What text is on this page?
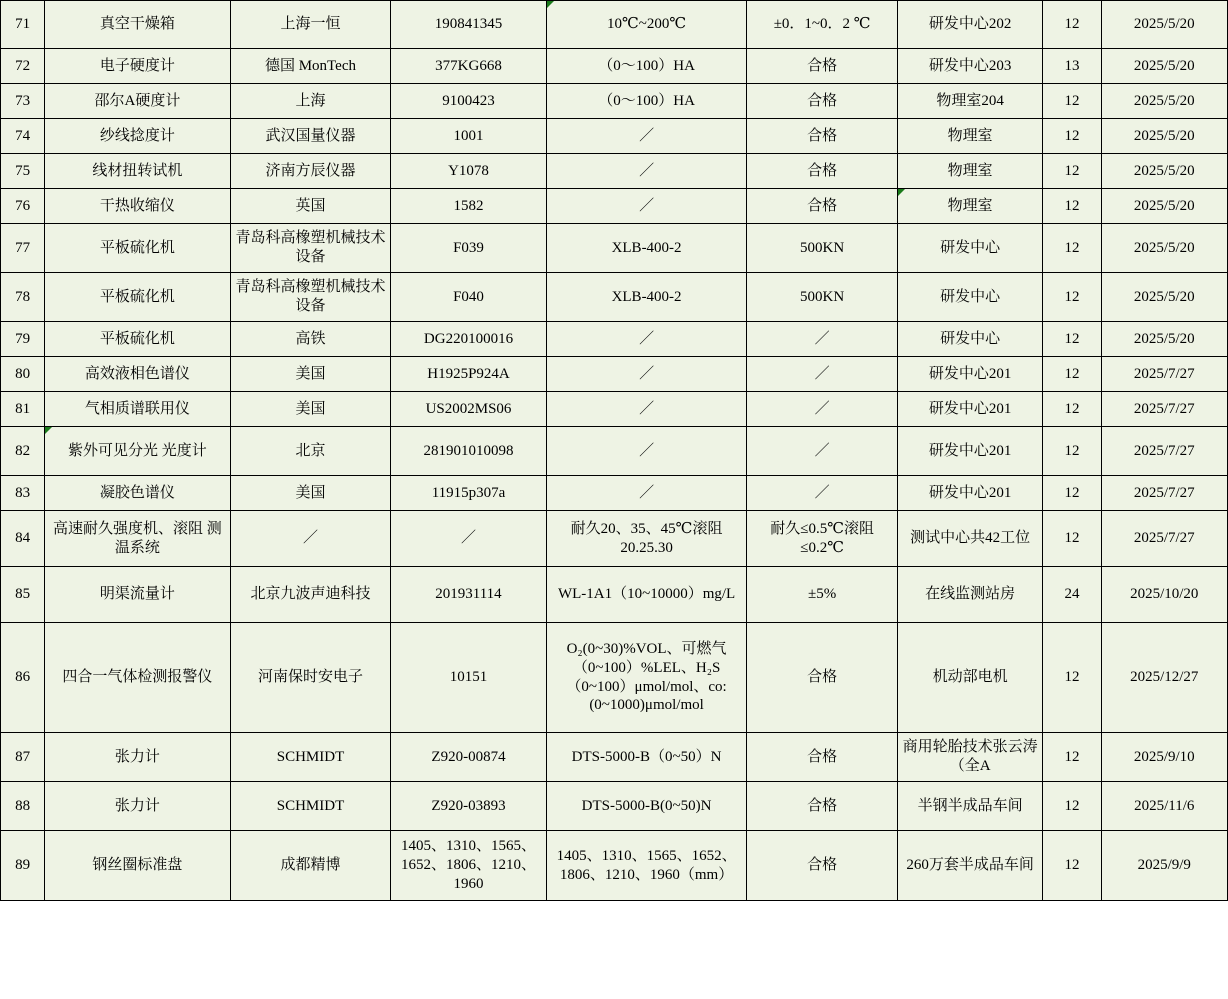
71	真空干燥箱	上海一恒	190841345	10℃~200℃	±0．1~0．2 ℃	研发中心202	12	2025/5/20
72	电子硬度计	德国 MonTech	377KG668	（0～100）HA	合格	研发中心203	13	2025/5/20
73	邵尔A硬度计	上海	9100423	（0～100）HA	合格	物理室204	12	2025/5/20
74	纱线捻度计	武汉国量仪器	1001	／	合格	物理室	12	2025/5/20
75	线材扭转试机	济南方辰仪器	Y1078	／	合格	物理室	12	2025/5/20
76	干热收缩仪	英国	1582	／	合格	物理室	12	2025/5/20
77	平板硫化机	青岛科高橡塑机械技术设备	F039	XLB-400-2	500KN	研发中心	12	2025/5/20
78	平板硫化机	青岛科高橡塑机械技术设备	F040	XLB-400-2	500KN	研发中心	12	2025/5/20
79	平板硫化机	高铁	DG220100016	／	／	研发中心	12	2025/5/20
80	高效液相色谱仪	美国	H1925P924A	／	／	研发中心201	12	2025/7/27
81	气相质谱联用仪	美国	US2002MS06	／	／	研发中心201	12	2025/7/27
82	紫外可见分光 光度计	北京	281901010098	／	／	研发中心201	12	2025/7/27
83	凝胶色谱仪	美国	11915p307a	／	／	研发中心201	12	2025/7/27
84	高速耐久强度机、滚阻 测温系统	／	／	耐久20、35、45℃滚阻20.25.30	耐久≤0.5℃滚阻≤0.2℃	测试中心共42工位	12	2025/7/27
85	明渠流量计	北京九波声迪科技	201931114	WL-1A1（10~10000）mg/L	±5%	在线监测站房	24	2025/10/20
86	四合一气体检测报警仪	河南保时安电子	10151	O₂(0~30)%VOL、可燃气（0~100）%LEL、H₂S（0~100）μmol/mol、co:(0~1000)μmol/mol	合格	机动部电机	12	2025/12/27
87	张力计	SCHMIDT	Z920-00874	DTS-5000-B（0~50）N	合格	商用轮胎技术张云涛（全A	12	2025/9/10
88	张力计	SCHMIDT	Z920-03893	DTS-5000-B(0~50)N	合格	半钢半成品车间	12	2025/11/6
89	钢丝圈标准盘	成都精博	1405、1310、1565、1652、1806、1210、1960	1405、1310、1565、1652、1806、1210、1960（mm）	合格	260万套半成品车间	12	2025/9/9
